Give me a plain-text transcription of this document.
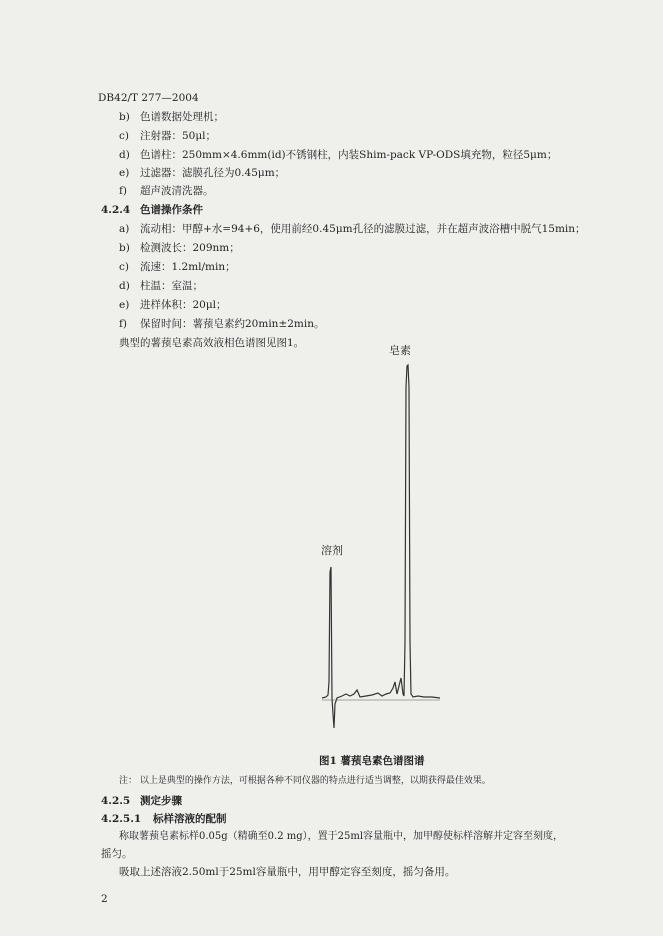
DB42/T 277—2004
b) 色谱数据处理机；
c) 注射器：50μl；
d) 色谱柱：250mm×4.6mm(id)不锈钢柱，内装Shim-pack VP-ODS填充物，粒径5μm；
e) 过滤器：滤膜孔径为0.45μm；
f) 超声波清洗器。
4.2.4 色谱操作条件
a) 流动相：甲醇+水=94+6，使用前经0.45μm孔径的滤膜过滤，并在超声波浴槽中脱气15min；
b) 检测波长：209nm；
c) 流速：1.2ml/min；
d) 柱温：室温；
e) 进样体积：20μl；
f) 保留时间：薯蓣皂素约20min±2min。
典型的薯蓣皂素高效液相色谱图见图1。
皂素
溶剂
图1 薯蓣皂素色谱图谱
注： 以上是典型的操作方法，可根据各种不同仪器的特点进行适当调整，以期获得最佳效果。
4.2.5 测定步骤
4.2.5.1 标样溶液的配制
称取薯蓣皂素标样0.05g（精确至0.2 mg），置于25ml容量瓶中，加甲醇使标样溶解并定容至刻度，
摇匀。
吸取上述溶液2.50ml于25ml容量瓶中，用甲醇定容至刻度，摇匀备用。
2
